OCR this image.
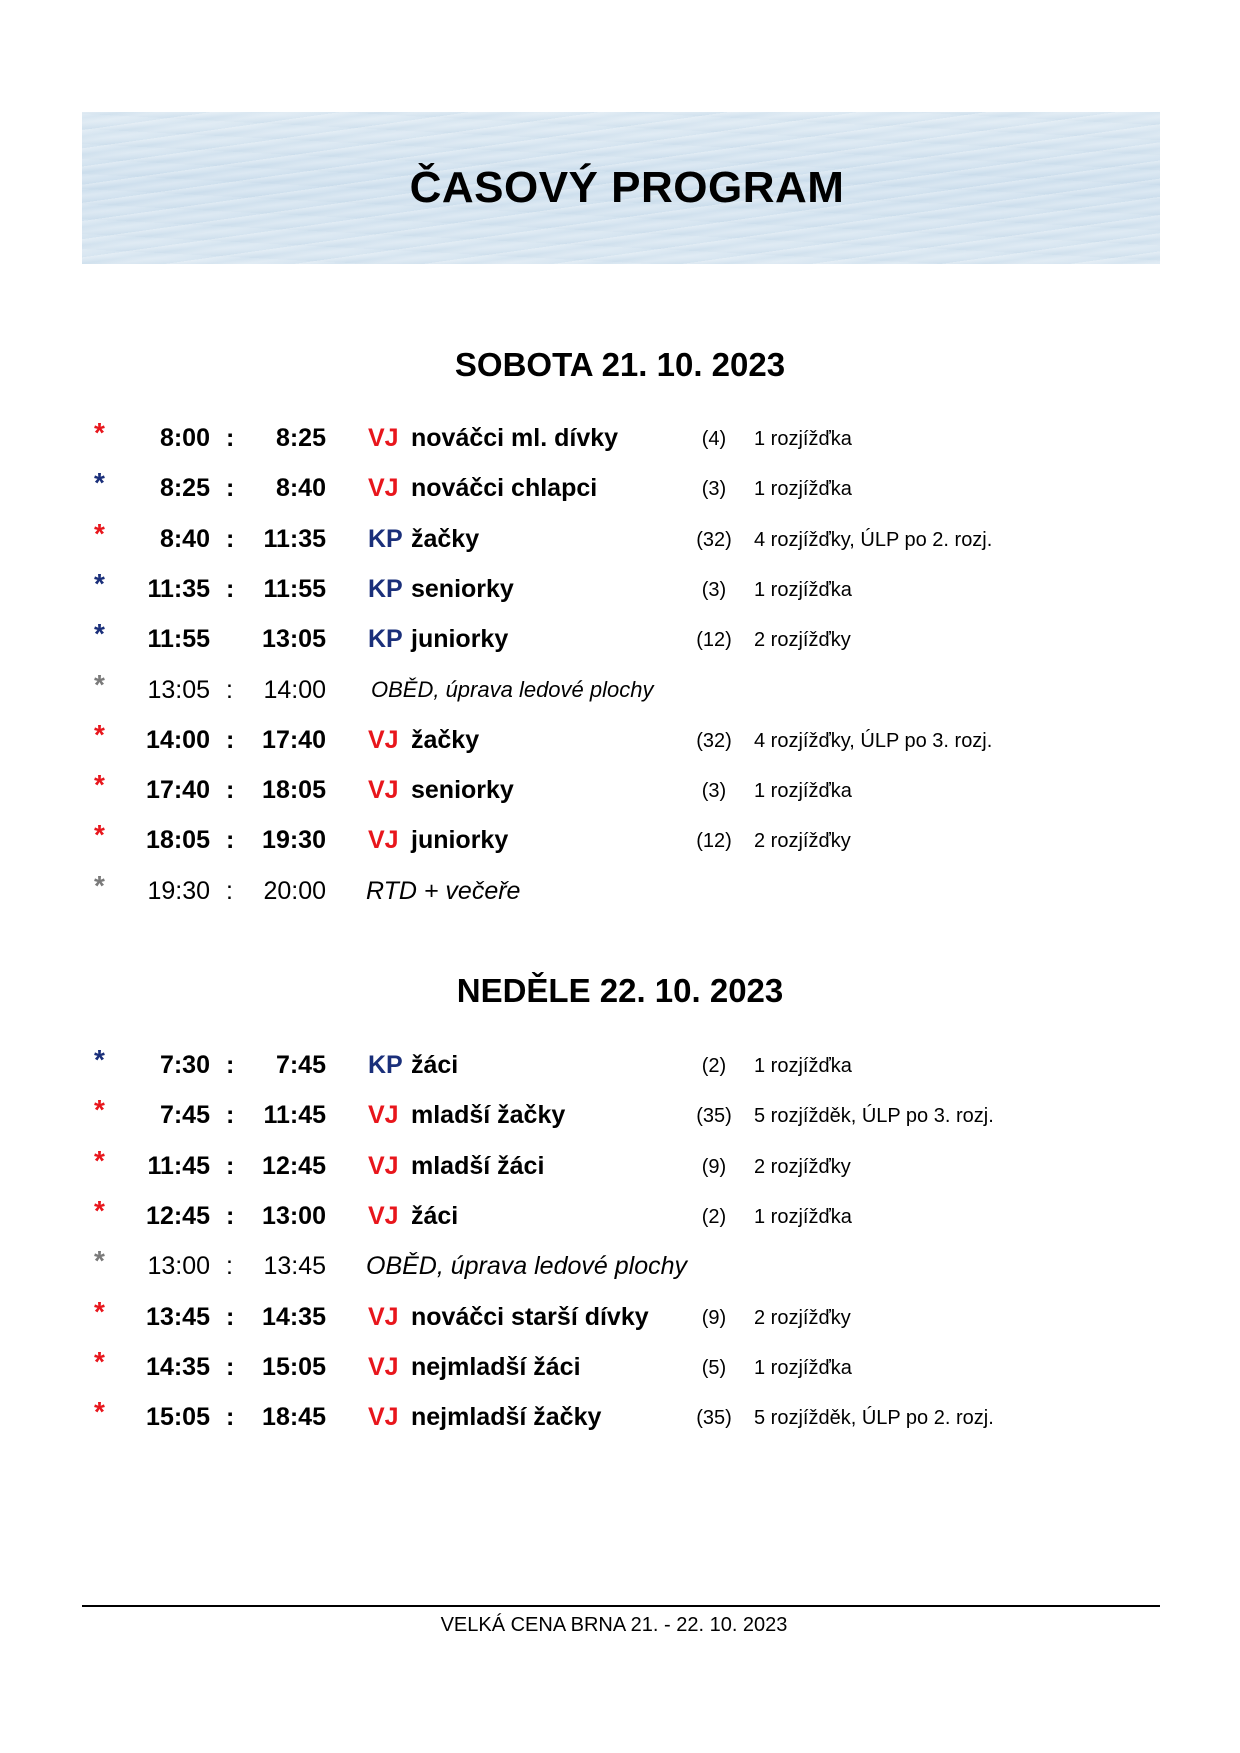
ČASOVÝ PROGRAM
SOBOTA 21. 10. 2023
*	8:00 :	8:25 VJ nováčci ml. dívky	(4)	1 rozjížďka
*	8:25 :	8:40 VJ nováčci chlapci	(3)	1 rozjížďka
*	8:40 :	11:35 KP žačky	(32) 4 rozjížďky, ÚLP po 2. rozj.
*	11:35 :	11:55 KP seniorky	(3)	1 rozjížďka
*	11:55	13:05 KP juniorky	(12) 2 rozjížďky
*	13:05 :	14:00 OBĚD, úprava ledové plochy
*	14:00 :	17:40 VJ žačky	(32) 4 rozjížďky, ÚLP po 3. rozj.
*	17:40 :	18:05 VJ seniorky	(3)	1 rozjížďka
*	18:05 :	19:30 VJ juniorky	(12) 2 rozjížďky
*	19:30 :	20:00 RTD + večeře
NEDĚLE 22. 10. 2023
*	7:30 :	7:45 KP žáci	(2)	1 rozjížďka
*	7:45 :	11:45 VJ mladší žačky	(35) 5 rozjížděk, ÚLP po 3. rozj.
*	11:45 :	12:45 VJ mladší žáci	(9)	2 rozjížďky
*	12:45 :	13:00 VJ žáci	(2)	1 rozjížďka
*	13:00 :	13:45 OBĚD, úprava ledové plochy
*	13:45 :	14:35 VJ nováčci starší dívky	(9)	2 rozjížďky
*	14:35 :	15:05 VJ nejmladší žáci	(5)	1 rozjížďka
*	15:05 :	18:45 VJ nejmladší žačky	(35) 5 rozjížděk, ÚLP po 2. rozj.
VELKÁ CENA BRNA 21. - 22. 10. 2023
